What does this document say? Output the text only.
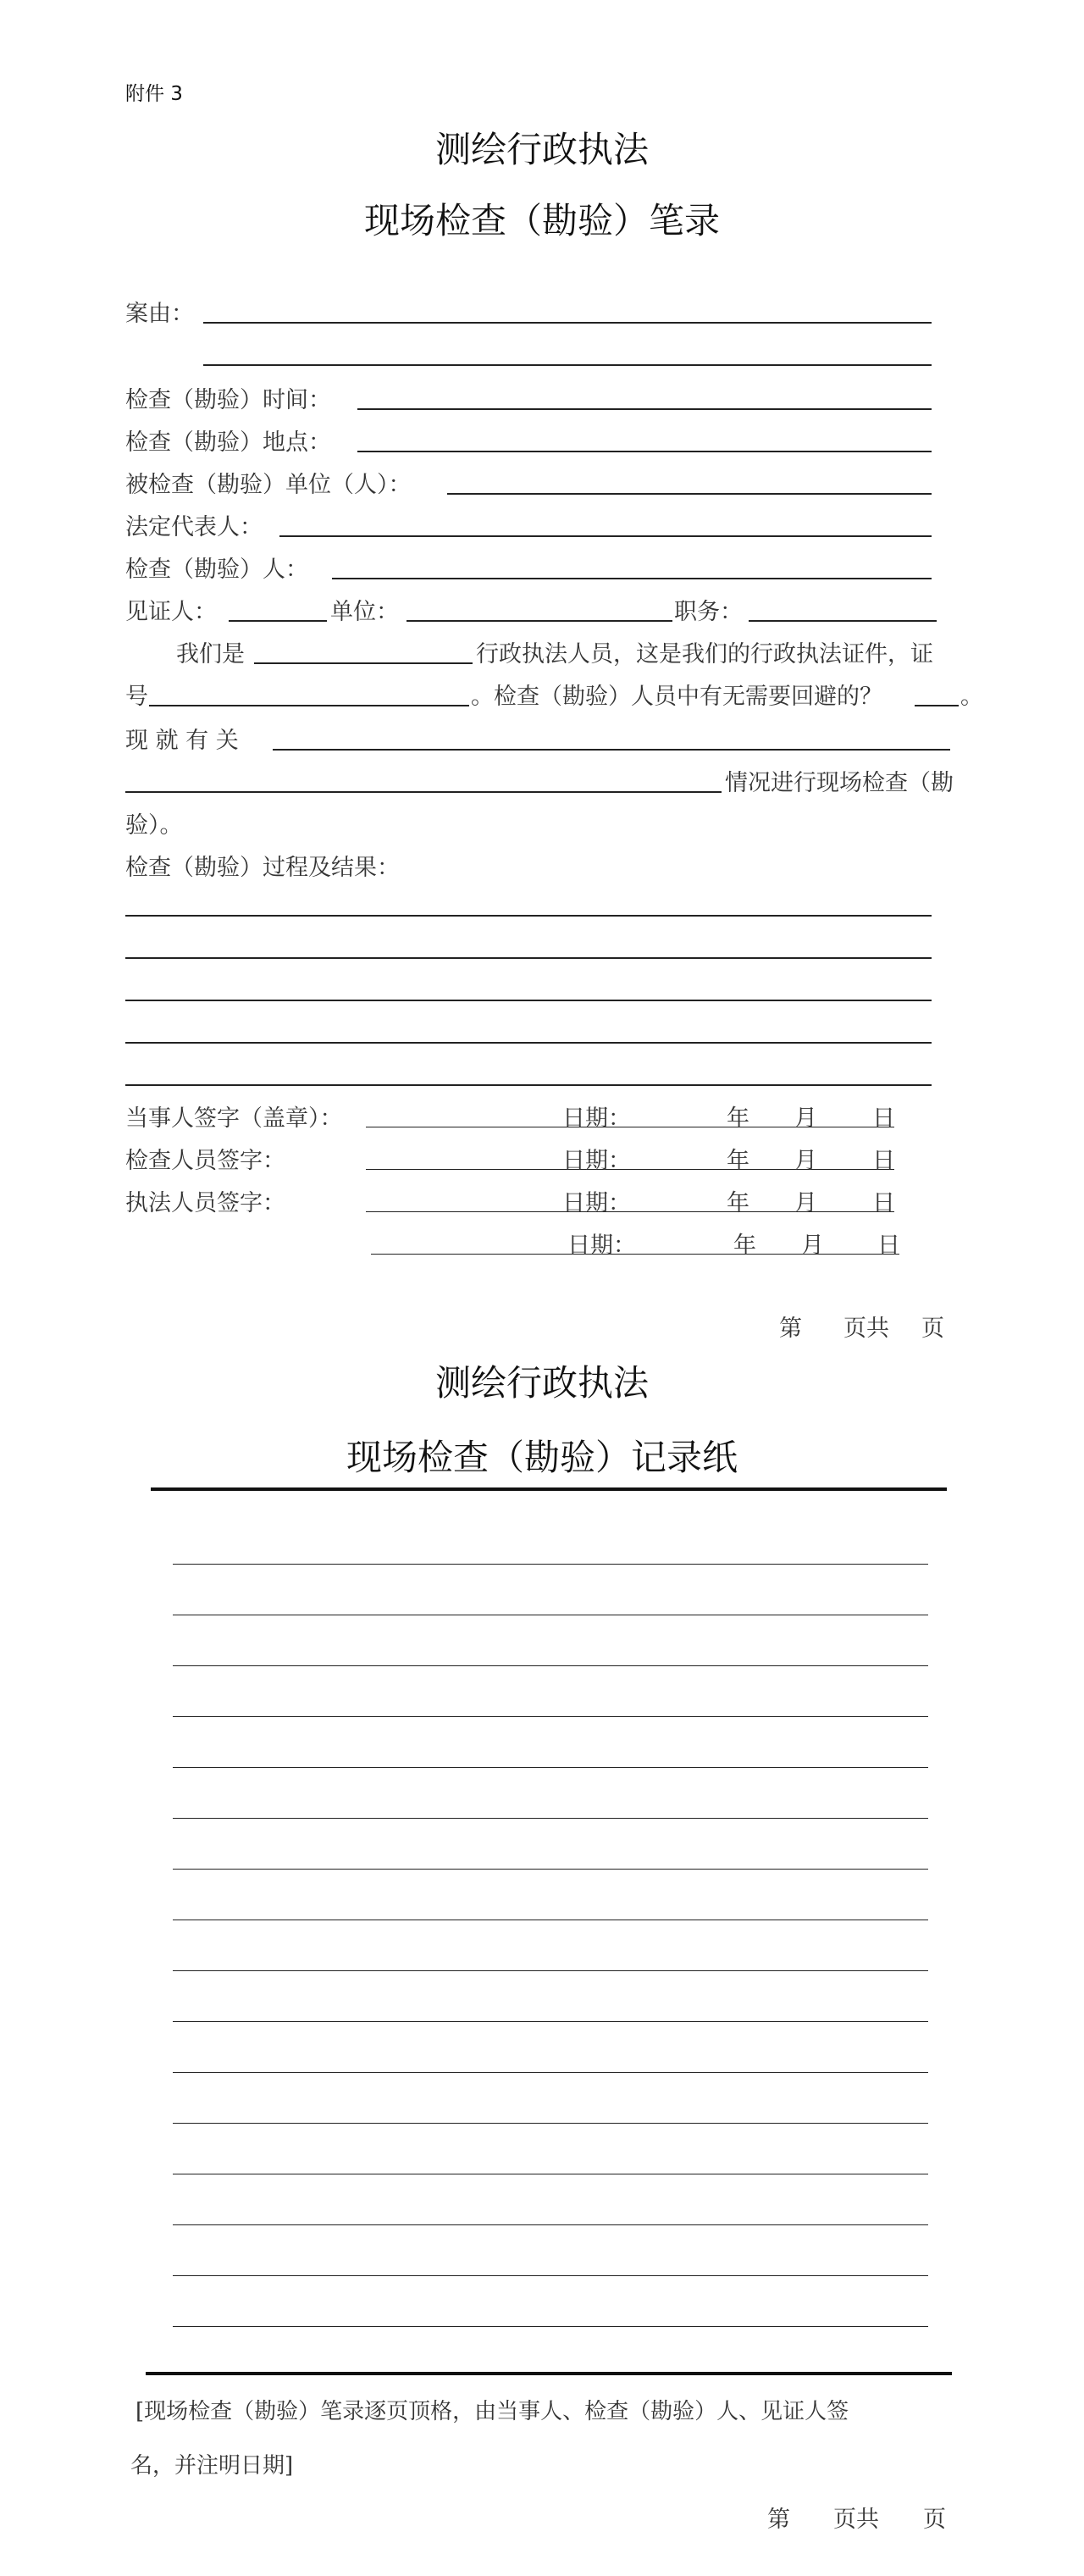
附件 3
测绘行政执法
现场检查（勘验）笔录
案由：
检查（勘验）时间：
检查（勘验）地点：
被检查（勘验）单位（人）：
法定代表人：
检查（勘验）人：
见证人：	单位：	职务：
我们是	行政执法人员，这是我们的行政执法证件，证
号	。检查（勘验）人员中有无需要回避的？	。
现 就 有 关
情况进行现场检查（勘
验）。
检查（勘验）过程及结果：
当事人签字（盖章）：	日期：	年 月 日
检查人员签字：	日期：	年 月 日
执法人员签字：	日期：	年 月 日
日期：	年 月 日
第 页共 页
测绘行政执法
现场检查（勘验）记录纸
[现场检查（勘验）笔录逐页顶格，由当事人、检查（勘验）人、见证人签
名，并注明日期]
第 页共 页
